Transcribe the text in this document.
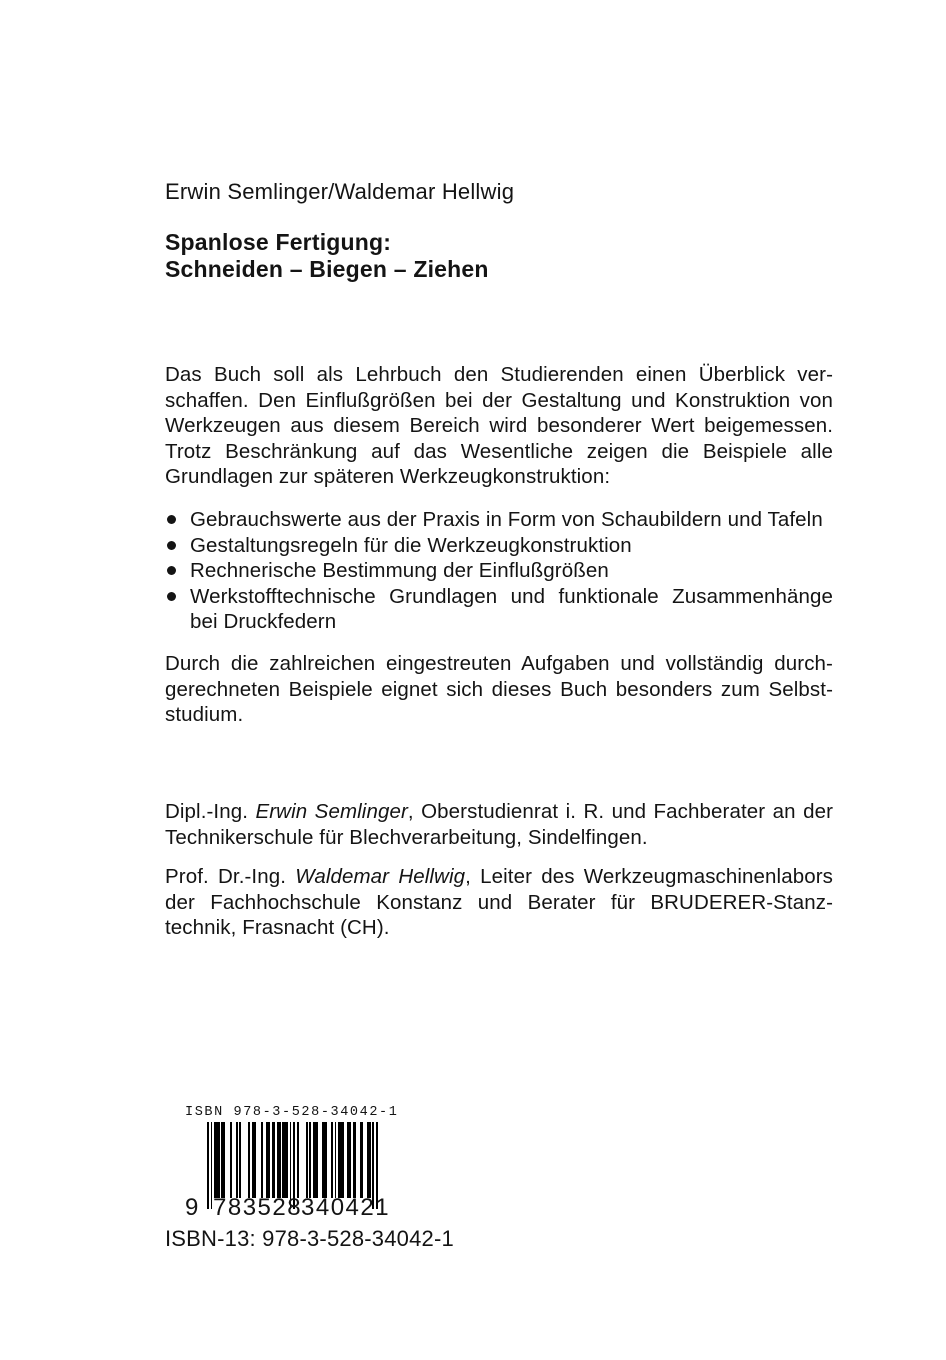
Erwin Semlinger/Waldemar Hellwig
Spanlose Fertigung:
Schneiden – Biegen – Ziehen
Das Buch soll als Lehrbuch den Studierenden einen Überblick ver-
schaffen. Den Einflußgrößen bei der Gestaltung und Konstruktion von
Werkzeugen aus diesem Bereich wird besonderer Wert beigemessen.
Trotz Beschränkung auf das Wesentliche zeigen die Beispiele alle
Grundlagen zur späteren Werkzeugkonstruktion:
Gebrauchswerte aus der Praxis in Form von Schaubildern und Tafeln
Gestaltungsregeln für die Werkzeugkonstruktion
Rechnerische Bestimmung der Einflußgrößen
Werkstofftechnische Grundlagen und funktionale Zusammenhänge
bei Druckfedern
Durch die zahlreichen eingestreuten Aufgaben und vollständig durch-
gerechneten Beispiele eignet sich dieses Buch besonders zum Selbst-
studium.
Dipl.-Ing. Erwin Semlinger, Oberstudienrat i. R. und Fachberater an der
Technikerschule für Blechverarbeitung, Sindelfingen.
Prof. Dr.-Ing. Waldemar Hellwig, Leiter des Werkzeugmaschinenlabors
der Fachhochschule Konstanz und Berater für BRUDERER-Stanz-
technik, Frasnacht (CH).
ISBN 978-3-528-34042-1
9 783528
340421
ISBN-13: 978-3-528-34042-1
